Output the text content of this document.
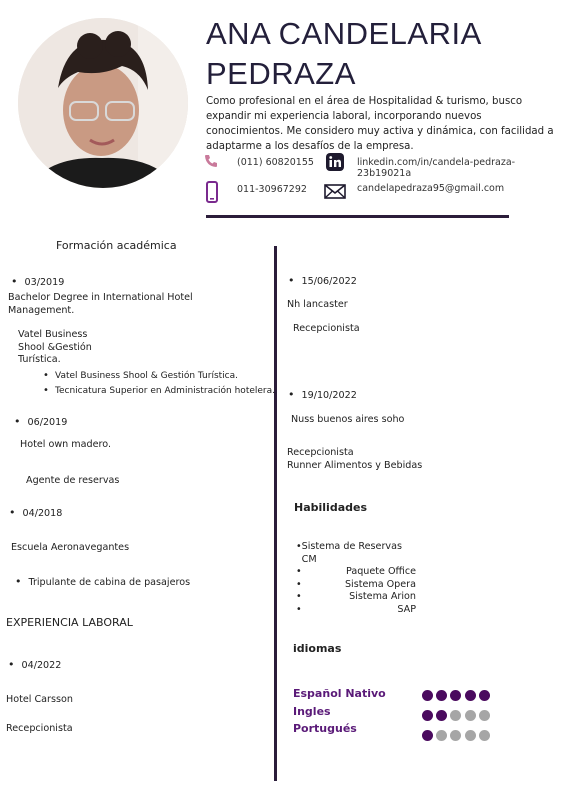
ANA CANDELARIA
PEDRAZA
Como profesional en el área de Hospitalidad & turismo, busco expandir mi experiencia laboral, incorporando nuevos conocimientos. Me considero muy activa y dinámica, con facilidad a adaptarme a los desafíos de la empresa.
(011) 60820155	linkedin.com/in/candela-pedraza-23b19021a
011-30967292	candelapedraza95@gmail.com
Formación académica
• 03/2019
Bachelor Degree in International Hotel
Management.
Vatel Business
Shool &Gestión
Turística.
• Vatel Business Shool & Gestión Turística.
• Tecnicatura Superior en Administración hotelera.
• 06/2019
Hotel own madero.
Agente de reservas
• 04/2018
Escuela Aeronavegantes
• Tripulante de cabina de pasajeros
EXPERIENCIA LABORAL
• 04/2022
Hotel Carsson
Recepcionista
• 15/06/2022
Nh lancaster
Recepcionista
• 19/10/2022
Nuss buenos aires soho
Recepcionista
Runner Alimentos y Bebidas
Habilidades
• Sistema de Reservas CM
•	Paquete Office
•	Sistema Opera
•	Sistema Arion
•	SAP
idiomas
Español Nativo
Ingles
Portugués
